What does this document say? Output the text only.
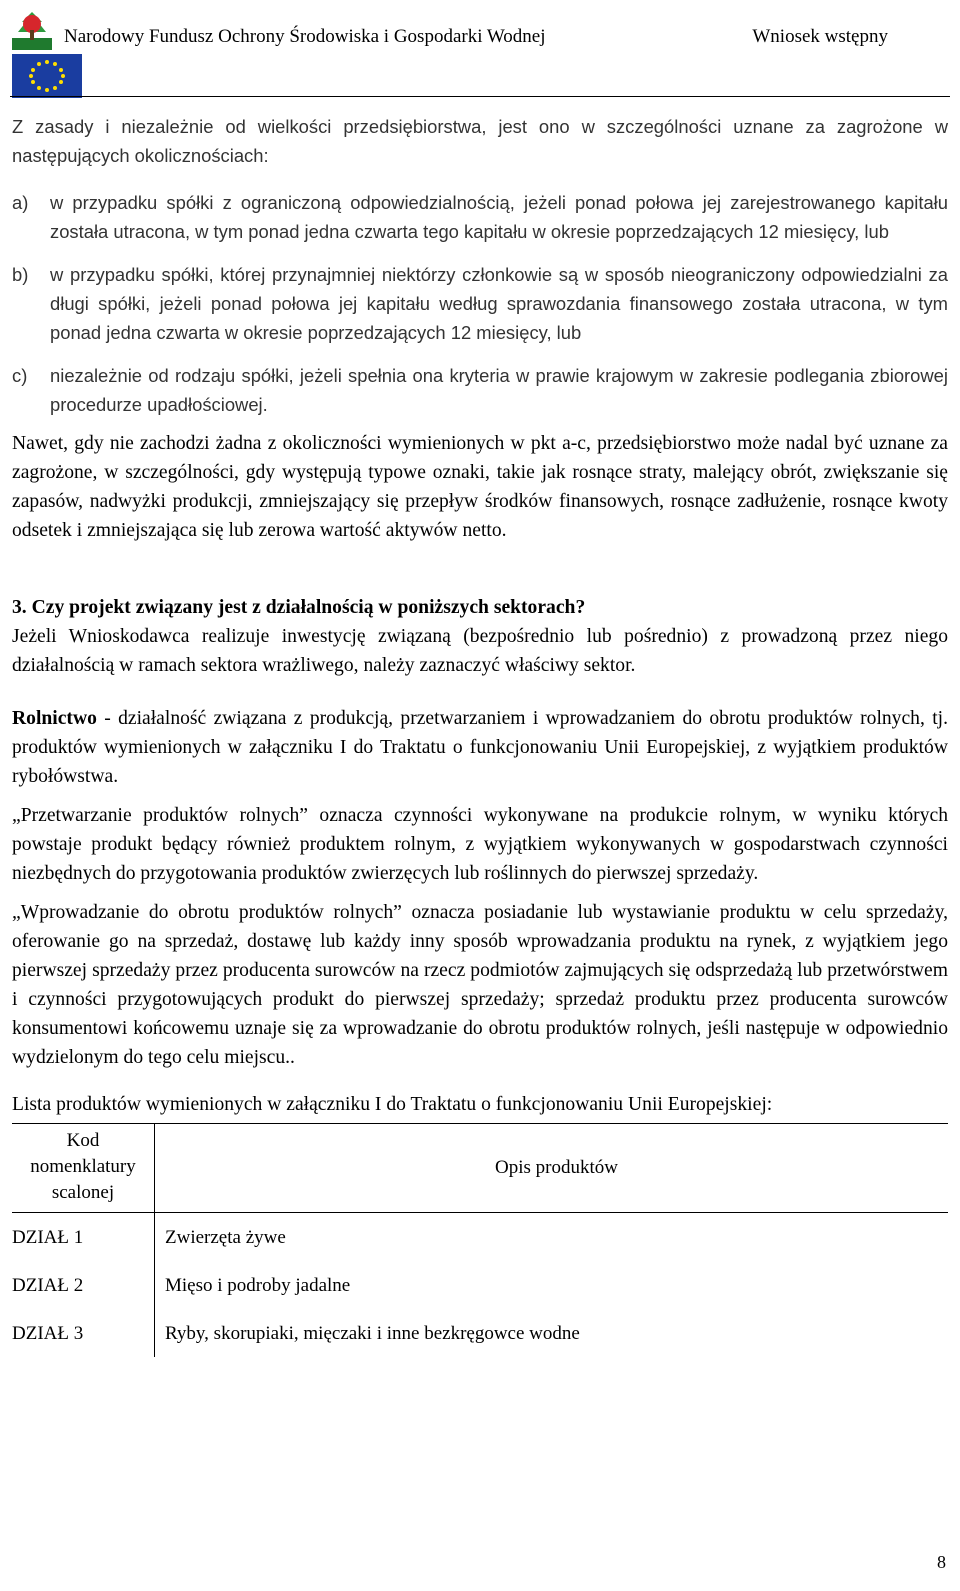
Narodowy Fundusz Ochrony Środowiska i Gospodarki Wodnej	Wniosek wstępny

Z zasady i niezależnie od wielkości przedsiębiorstwa, jest ono w szczególności uznane za zagrożone w następujących okolicznościach:

a)	w przypadku spółki z ograniczoną odpowiedzialnością, jeżeli ponad połowa jej zarejestrowanego kapitału została utracona, w tym ponad jedna czwarta tego kapitału w okresie poprzedzających 12 miesięcy, lub
b)	w przypadku spółki, której przynajmniej niektórzy członkowie są w sposób nieograniczony odpowiedzialni za długi spółki, jeżeli ponad połowa jej kapitału według sprawozdania finansowego została utracona, w tym ponad jedna czwarta w okresie poprzedzających 12 miesięcy, lub
c)	niezależnie od rodzaju spółki, jeżeli spełnia ona kryteria w prawie krajowym w zakresie podlegania zbiorowej procedurze upadłościowej.

Nawet, gdy nie zachodzi żadna z okoliczności wymienionych w pkt a-c, przedsiębiorstwo może nadal być uznane za zagrożone, w szczególności, gdy występują typowe oznaki, takie jak rosnące straty, malejący obrót, zwiększanie się zapasów, nadwyżki produkcji, zmniejszający się przepływ środków finansowych, rosnące zadłużenie, rosnące kwoty odsetek i zmniejszająca się lub zerowa wartość aktywów netto.

3. Czy projekt związany jest z działalnością w poniższych sektorach?

Jeżeli Wnioskodawca realizuje inwestycję związaną (bezpośrednio lub pośrednio) z prowadzoną przez niego działalnością w ramach sektora wrażliwego, należy zaznaczyć właściwy sektor.

Rolnictwo - działalność związana z produkcją, przetwarzaniem i wprowadzaniem do obrotu produktów rolnych, tj. produktów wymienionych w załączniku I do Traktatu o funkcjonowaniu Unii Europejskiej, z wyjątkiem produktów rybołówstwa.

„Przetwarzanie produktów rolnych” oznacza czynności wykonywane na produkcie rolnym, w wyniku których powstaje produkt będący również produktem rolnym, z wyjątkiem wykonywanych w gospodarstwach czynności niezbędnych do przygotowania produktów zwierzęcych lub roślinnych do pierwszej sprzedaży.

„Wprowadzanie do obrotu produktów rolnych” oznacza posiadanie lub wystawianie produktu w celu sprzedaży, oferowanie go na sprzedaż, dostawę lub każdy inny sposób wprowadzania produktu na rynek, z wyjątkiem jego pierwszej sprzedaży przez producenta surowców na rzecz podmiotów zajmujących się odsprzedażą lub przetwórstwem i czynności przygotowujących produkt do pierwszej sprzedaży; sprzedaż produktu przez producenta surowców konsumentowi końcowemu uznaje się za wprowadzanie do obrotu produktów rolnych, jeśli następuje w odpowiednio wydzielonym do tego celu miejscu..

Lista produktów wymienionych w załączniku I do Traktatu o funkcjonowaniu Unii Europejskiej:

Kod nomenklatury scalonej	Opis produktów
DZIAŁ 1	Zwierzęta żywe
DZIAŁ 2	Mięso i podroby jadalne
DZIAŁ 3	Ryby, skorupiaki, mięczaki i inne bezkręgowce wodne
8
